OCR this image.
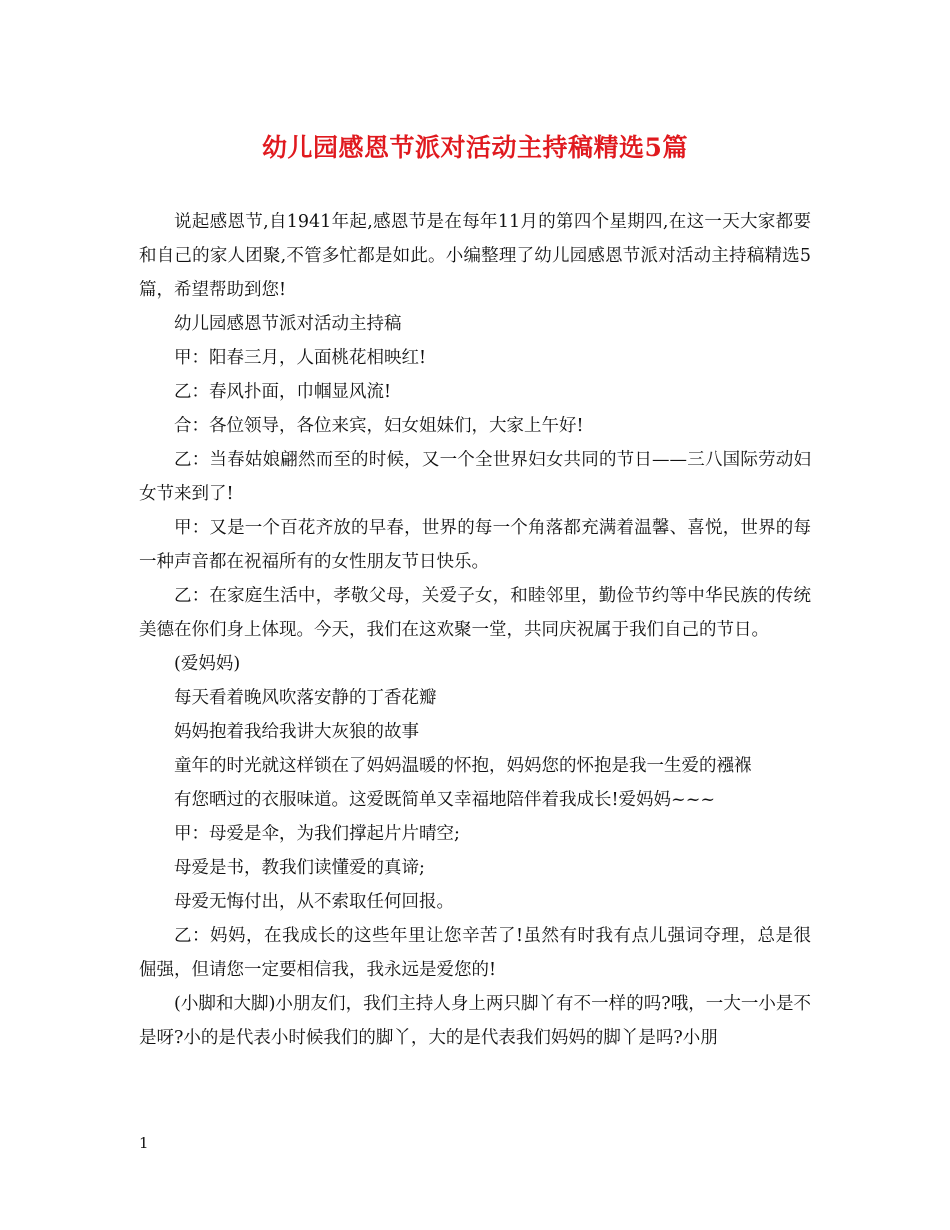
幼儿园感恩节派对活动主持稿精选5篇

说起感恩节,自1941年起,感恩节是在每年11月的第四个星期四,在这一天大家都要和自己的家人团聚,不管多忙都是如此。小编整理了幼儿园感恩节派对活动主持稿精选5篇，希望帮助到您!

幼儿园感恩节派对活动主持稿

甲：阳春三月，人面桃花相映红!

乙：春风扑面，巾帼显风流!

合：各位领导，各位来宾，妇女姐妹们，大家上午好!

乙：当春姑娘翩然而至的时候，又一个全世界妇女共同的节日——三八国际劳动妇女节来到了!

甲：又是一个百花齐放的早春，世界的每一个角落都充满着温馨、喜悦，世界的每一种声音都在祝福所有的女性朋友节日快乐。

乙：在家庭生活中，孝敬父母，关爱子女，和睦邻里，勤俭节约等中华民族的传统美德在你们身上体现。今天，我们在这欢聚一堂，共同庆祝属于我们自己的节日。

(爱妈妈)

每天看着晚风吹落安静的丁香花瓣

妈妈抱着我给我讲大灰狼的故事

童年的时光就这样锁在了妈妈温暖的怀抱，妈妈您的怀抱是我一生爱的襁褓

有您晒过的衣服味道。这爱既简单又幸福地陪伴着我成长!爱妈妈~~~

甲：母爱是伞，为我们撑起片片晴空;

母爱是书，教我们读懂爱的真谛;

母爱无悔付出，从不索取任何回报。

乙：妈妈，在我成长的这些年里让您辛苦了!虽然有时我有点儿强词夺理，总是很倔强，但请您一定要相信我，我永远是爱您的!

(小脚和大脚)小朋友们，我们主持人身上两只脚丫有不一样的吗?哦，一大一小是不是呀?小的是代表小时候我们的脚丫，大的是代表我们妈妈的脚丫是吗?小朋

1
